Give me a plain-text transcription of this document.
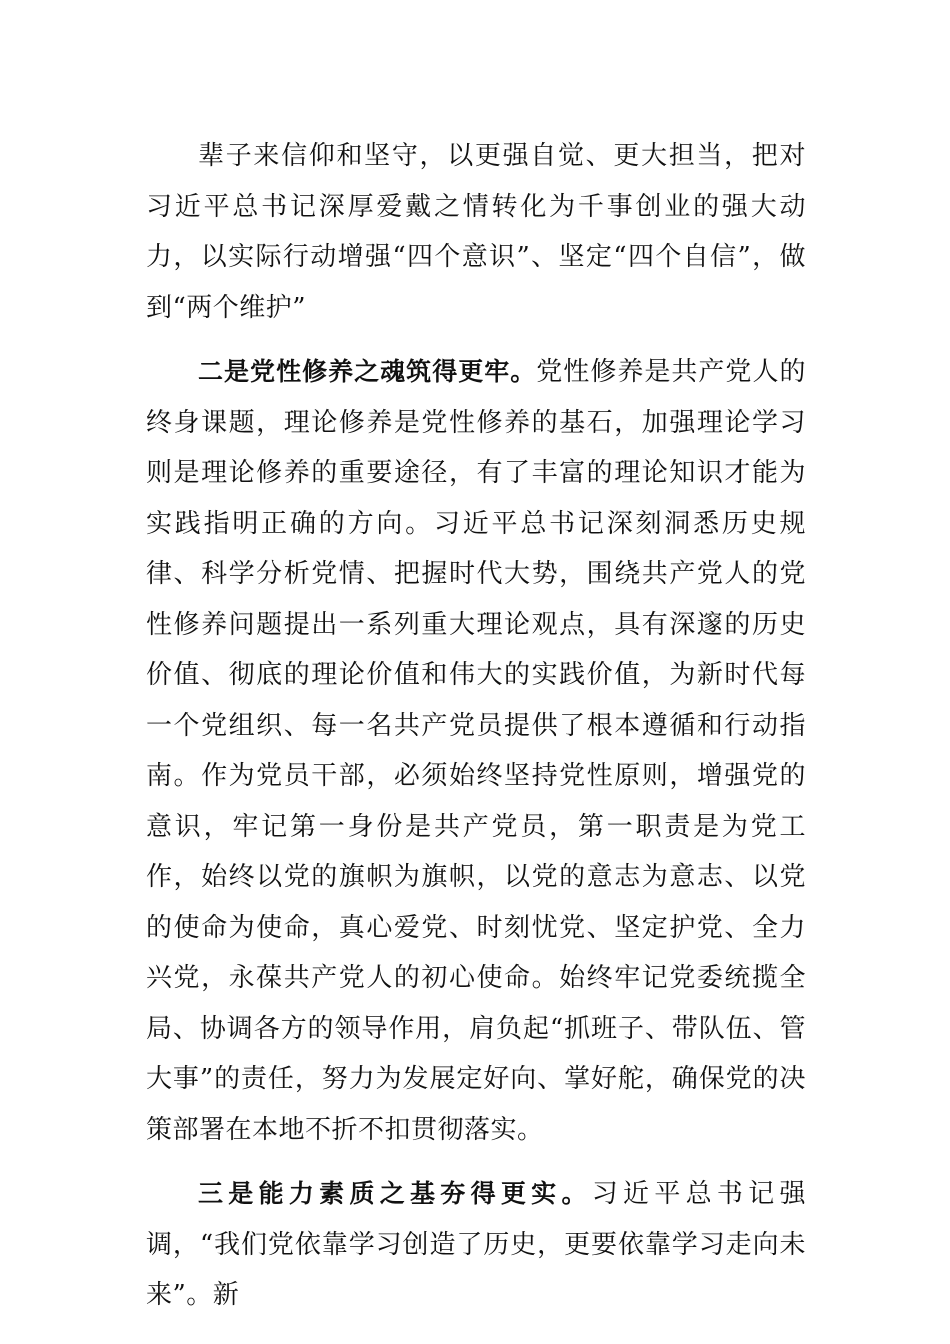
辈子来信仰和坚守，以更强自觉、更大担当，把对习近平总书记深厚爱戴之情转化为千事创业的强大动力，以实际行动增强“四个意识”、坚定“四个自信”，做到“两个维护”

二是党性修养之魂筑得更牢。党性修养是共产党人的终身课题，理论修养是党性修养的基石，加强理论学习则是理论修养的重要途径，有了丰富的理论知识才能为实践指明正确的方向。习近平总书记深刻洞悉历史规律、科学分析党情、把握时代大势，围绕共产党人的党性修养问题提出一系列重大理论观点，具有深邃的历史价值、彻底的理论价值和伟大的实践价值，为新时代每一个党组织、每一名共产党员提供了根本遵循和行动指南。作为党员干部，必须始终坚持党性原则，增强党的意识，牢记第一身份是共产党员，第一职责是为党工作，始终以党的旗帜为旗帜，以党的意志为意志、以党的使命为使命，真心爱党、时刻忧党、坚定护党、全力兴党，永葆共产党人的初心使命。始终牢记党委统揽全局、协调各方的领导作用，肩负起“抓班子、带队伍、管大事”的责任，努力为发展定好向、掌好舵，确保党的决策部署在本地不折不扣贯彻落实。

三是能力素质之基夯得更实。习近平总书记强调，“我们党依靠学习创造了历史，更要依靠学习走向未来”。新
